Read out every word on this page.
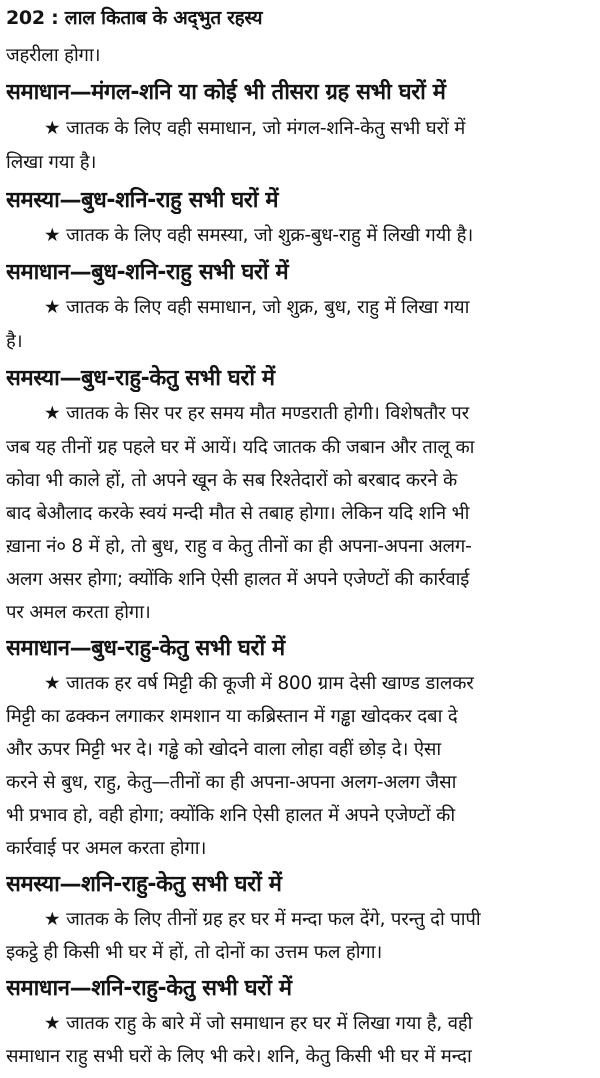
202 : लाल किताब के अद्‌भुत रहस्य
जहरीला होगा।
समाधान—मंगल-शनि या कोई भी तीसरा ग्रह सभी घरों में
★ जातक के लिए वही समाधान, जो मंगल-शनि-केतु सभी घरों में
लिखा गया है।
समस्या—बुध-शनि-राहु सभी घरों में
★ जातक के लिए वही समस्या, जो शुक्र-बुध-राहु में लिखी गयी है।
समाधान—बुध-शनि-राहु सभी घरों में
★ जातक के लिए वही समाधान, जो शुक्र, बुध, राहु में लिखा गया
है।
समस्या—बुध-राहु-केतु सभी घरों में
★ जातक के सिर पर हर समय मौत मण्डराती होगी। विशेषतौर पर
जब यह तीनों ग्रह पहले घर में आयें। यदि जातक की जबान और तालू का
कोवा भी काले हों, तो अपने खून के सब रिश्तेदारों को बरबाद करने के
बाद बेऔलाद करके स्वयं मन्दी मौत से तबाह होगा। लेकिन यदि शनि भी
ख़ाना नं० 8 में हो, तो बुध, राहु व केतु तीनों का ही अपना-अपना अलग-
अलग असर होगा; क्योंकि शनि ऐसी हालत में अपने एजेण्टों की कार्रवाई
पर अमल करता होगा।
समाधान—बुध-राहु-केतु सभी घरों में
★ जातक हर वर्ष मिट्टी की कूजी में 800 ग्राम देसी खाण्ड डालकर
मिट्टी का ढक्कन लगाकर शमशान या कब्रिस्तान में गड्ढा खोदकर दबा दे
और ऊपर मिट्टी भर दे। गड्ढे को खोदने वाला लोहा वहीं छोड़ दे। ऐसा
करने से बुध, राहु, केतु—तीनों का ही अपना-अपना अलग-अलग जैसा
भी प्रभाव हो, वही होगा; क्योंकि शनि ऐसी हालत में अपने एजेण्टों की
कार्रवाई पर अमल करता होगा।
समस्या—शनि-राहु-केतु सभी घरों में
★ जातक के लिए तीनों ग्रह हर घर में मन्दा फल देंगे, परन्तु दो पापी
इकट्ठे ही किसी भी घर में हों, तो दोनों का उत्तम फल होगा।
समाधान—शनि-राहु-केतु सभी घरों में
★ जातक राहु के बारे में जो समाधान हर घर में लिखा गया है, वही
समाधान राहु सभी घरों के लिए भी करे। शनि, केतु किसी भी घर में मन्दा
